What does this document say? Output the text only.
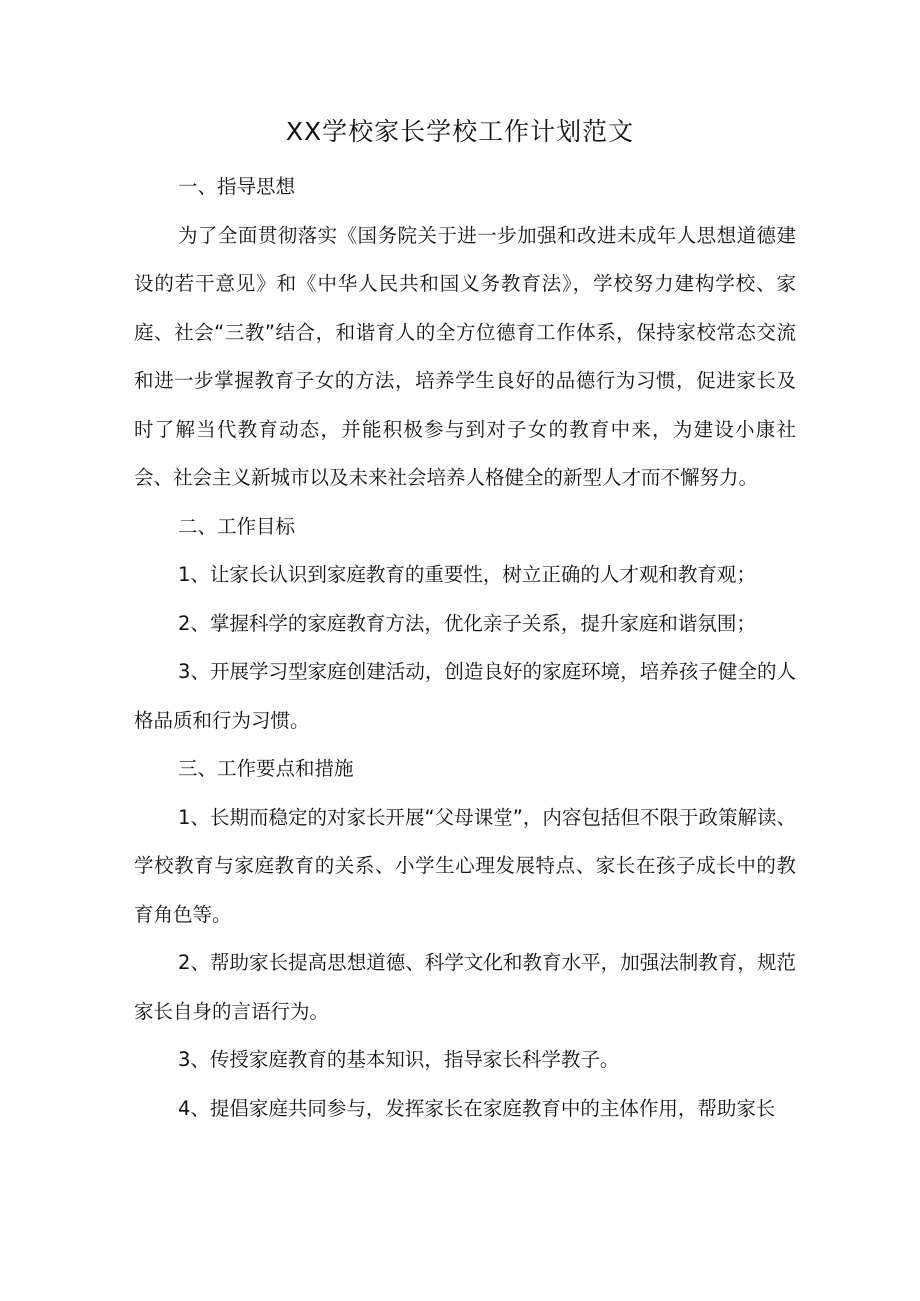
XX学校家长学校工作计划范文

一、指导思想

为了全面贯彻落实《国务院关于进一步加强和改进未成年人思想道德建设的若干意见》和《中华人民共和国义务教育法》，学校努力建构学校、家庭、社会“三教”结合，和谐育人的全方位德育工作体系，保持家校常态交流和进一步掌握教育子女的方法，培养学生良好的品德行为习惯，促进家长及时了解当代教育动态，并能积极参与到对子女的教育中来，为建设小康社会、社会主义新城市以及未来社会培养人格健全的新型人才而不懈努力。

二、工作目标

1、让家长认识到家庭教育的重要性，树立正确的人才观和教育观；

2、掌握科学的家庭教育方法，优化亲子关系，提升家庭和谐氛围；

3、开展学习型家庭创建活动，创造良好的家庭环境，培养孩子健全的人格品质和行为习惯。

三、工作要点和措施

1、长期而稳定的对家长开展“父母课堂”，内容包括但不限于政策解读、学校教育与家庭教育的关系、小学生心理发展特点、家长在孩子成长中的教育角色等。

2、帮助家长提高思想道德、科学文化和教育水平，加强法制教育，规范家长自身的言语行为。

3、传授家庭教育的基本知识，指导家长科学教子。

4、提倡家庭共同参与，发挥家长在家庭教育中的主体作用，帮助家长
